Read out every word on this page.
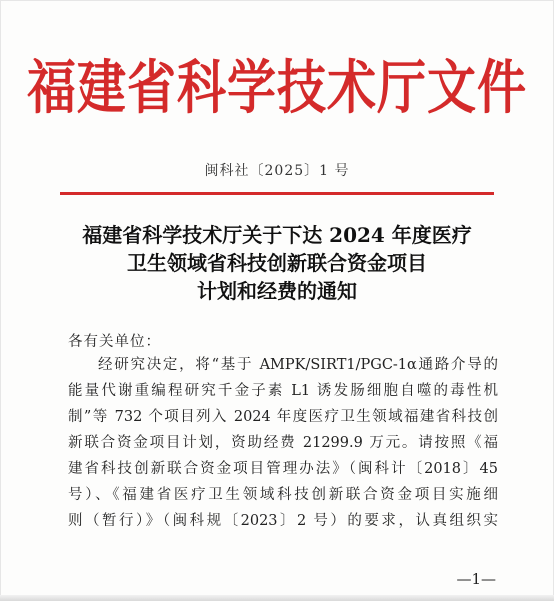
福建省科学技术厅文件
闽科社〔2025〕1 号
福建省科学技术厅关于下达 2024 年度医疗
卫生领域省科技创新联合资金项目
计划和经费的通知
各有关单位：
经研究决定，将“基于 AMPK/SIRT1/PGC-1α通路介导的
能量代谢重编程研究千金子素 L1 诱发肠细胞自噬的毒性机
制”等 732 个项目列入 2024 年度医疗卫生领域福建省科技创
新联合资金项目计划，资助经费 21299.9 万元。请按照《福
建省科技创新联合资金项目管理办法》（闽科计〔2018〕45
号）、《福建省医疗卫生领域科技创新联合资金项目实施细
则（暂行）》（闽科规〔2023〕2 号）的要求，认真组织实
—1—
